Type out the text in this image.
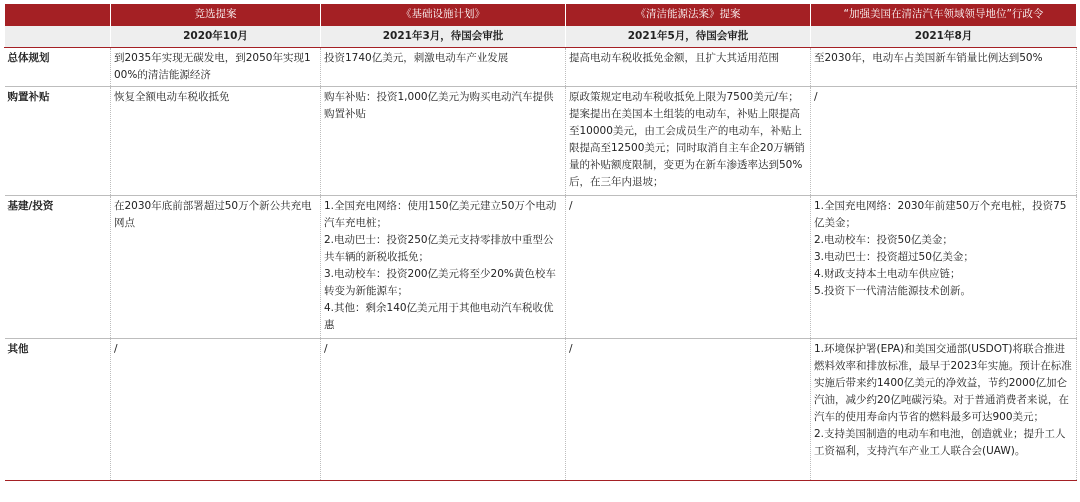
	竞选提案	《基础设施计划》	《清洁能源法案》提案	“加强美国在清洁汽车领域领导地位”行政令
	2020年10月	2021年3月，待国会审批	2021年5月，待国会审批	2021年8月
总体规划	到2035年实现无碳发电，到2050年实现100%的清洁能源经济	投资1740亿美元，刺激电动车产业发展	提高电动车税收抵免金额，且扩大其适用范围	至2030年，电动车占美国新车销量比例达到50%

购置补贴	恢复全额电动车税收抵免	购车补贴：投资1,000亿美元为购买电动汽车提供购置补贴	原政策规定电动车税收抵免上限为7500美元/车；提案提出在美国本土组装的电动车，补贴上限提高至10000美元，由工会成员生产的电动车，补贴上限提高至12500美元；同时取消自主车企20万辆销量的补贴额度限制，变更为在新车渗透率达到50%后，在三年内退坡；	/

基建/投资	在2030年底前部署超过50万个新公共充电网点	1.全国充电网络：使用150亿美元建立50万个电动汽车充电桩；
2.电动巴士：投资250亿美元支持零排放中重型公共车辆的新税收抵免；
3.电动校车：投资200亿美元将至少20%黄色校车转变为新能源车；
4.其他：剩余140亿美元用于其他电动汽车税收优惠	/	1.全国充电网络：2030年前建50万个充电桩，投资75亿美金；
2.电动校车：投资50亿美金；
3.电动巴士：投资超过50亿美金；
4.财政支持本土电动车供应链；
5.投资下一代清洁能源技术创新。

其他	/	/	/	1.环境保护署(EPA)和美国交通部(USDOT)将联合推进燃料效率和排放标准，最早于2023年实施。预计在标准实施后带来约1400亿美元的净效益，节约2000亿加仑汽油，减少约20亿吨碳污染。对于普通消费者来说，在汽车的使用寿命内节省的燃料最多可达900美元；
2.支持美国制造的电动车和电池，创造就业；提升工人工资福利，支持汽车产业工人联合会(UAW)。
